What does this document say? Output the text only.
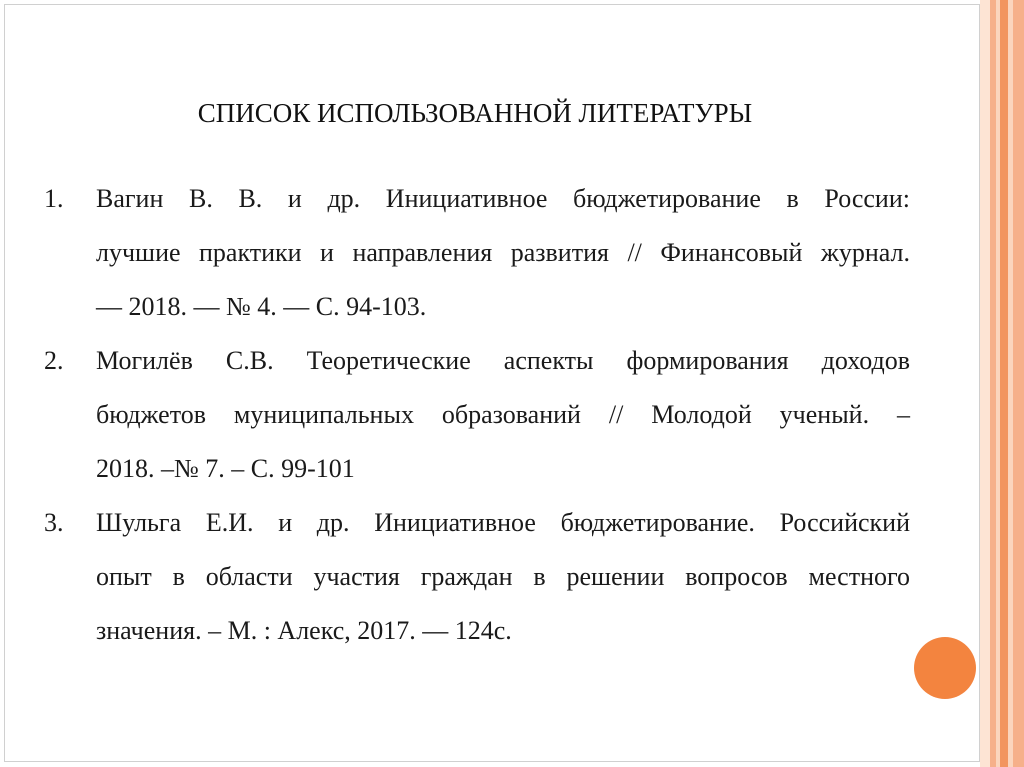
СПИСОК ИСПОЛЬЗОВАННОЙ ЛИТЕРАТУРЫ
1. Вагин В. В. и др. Инициативное бюджетирование в России:
лучшие практики и направления развития // Финансовый журнал.
— 2018. — № 4. — С. 94-103.
2. Могилёв С.В. Теоретические аспекты формирования доходов
бюджетов муниципальных образований // Молодой ученый. –
2018. –№ 7. – С. 99-101
3. Шульга Е.И. и др. Инициативное бюджетирование. Российский
опыт в области участия граждан в решении вопросов местного
значения. – М. : Алекс, 2017. — 124с.
